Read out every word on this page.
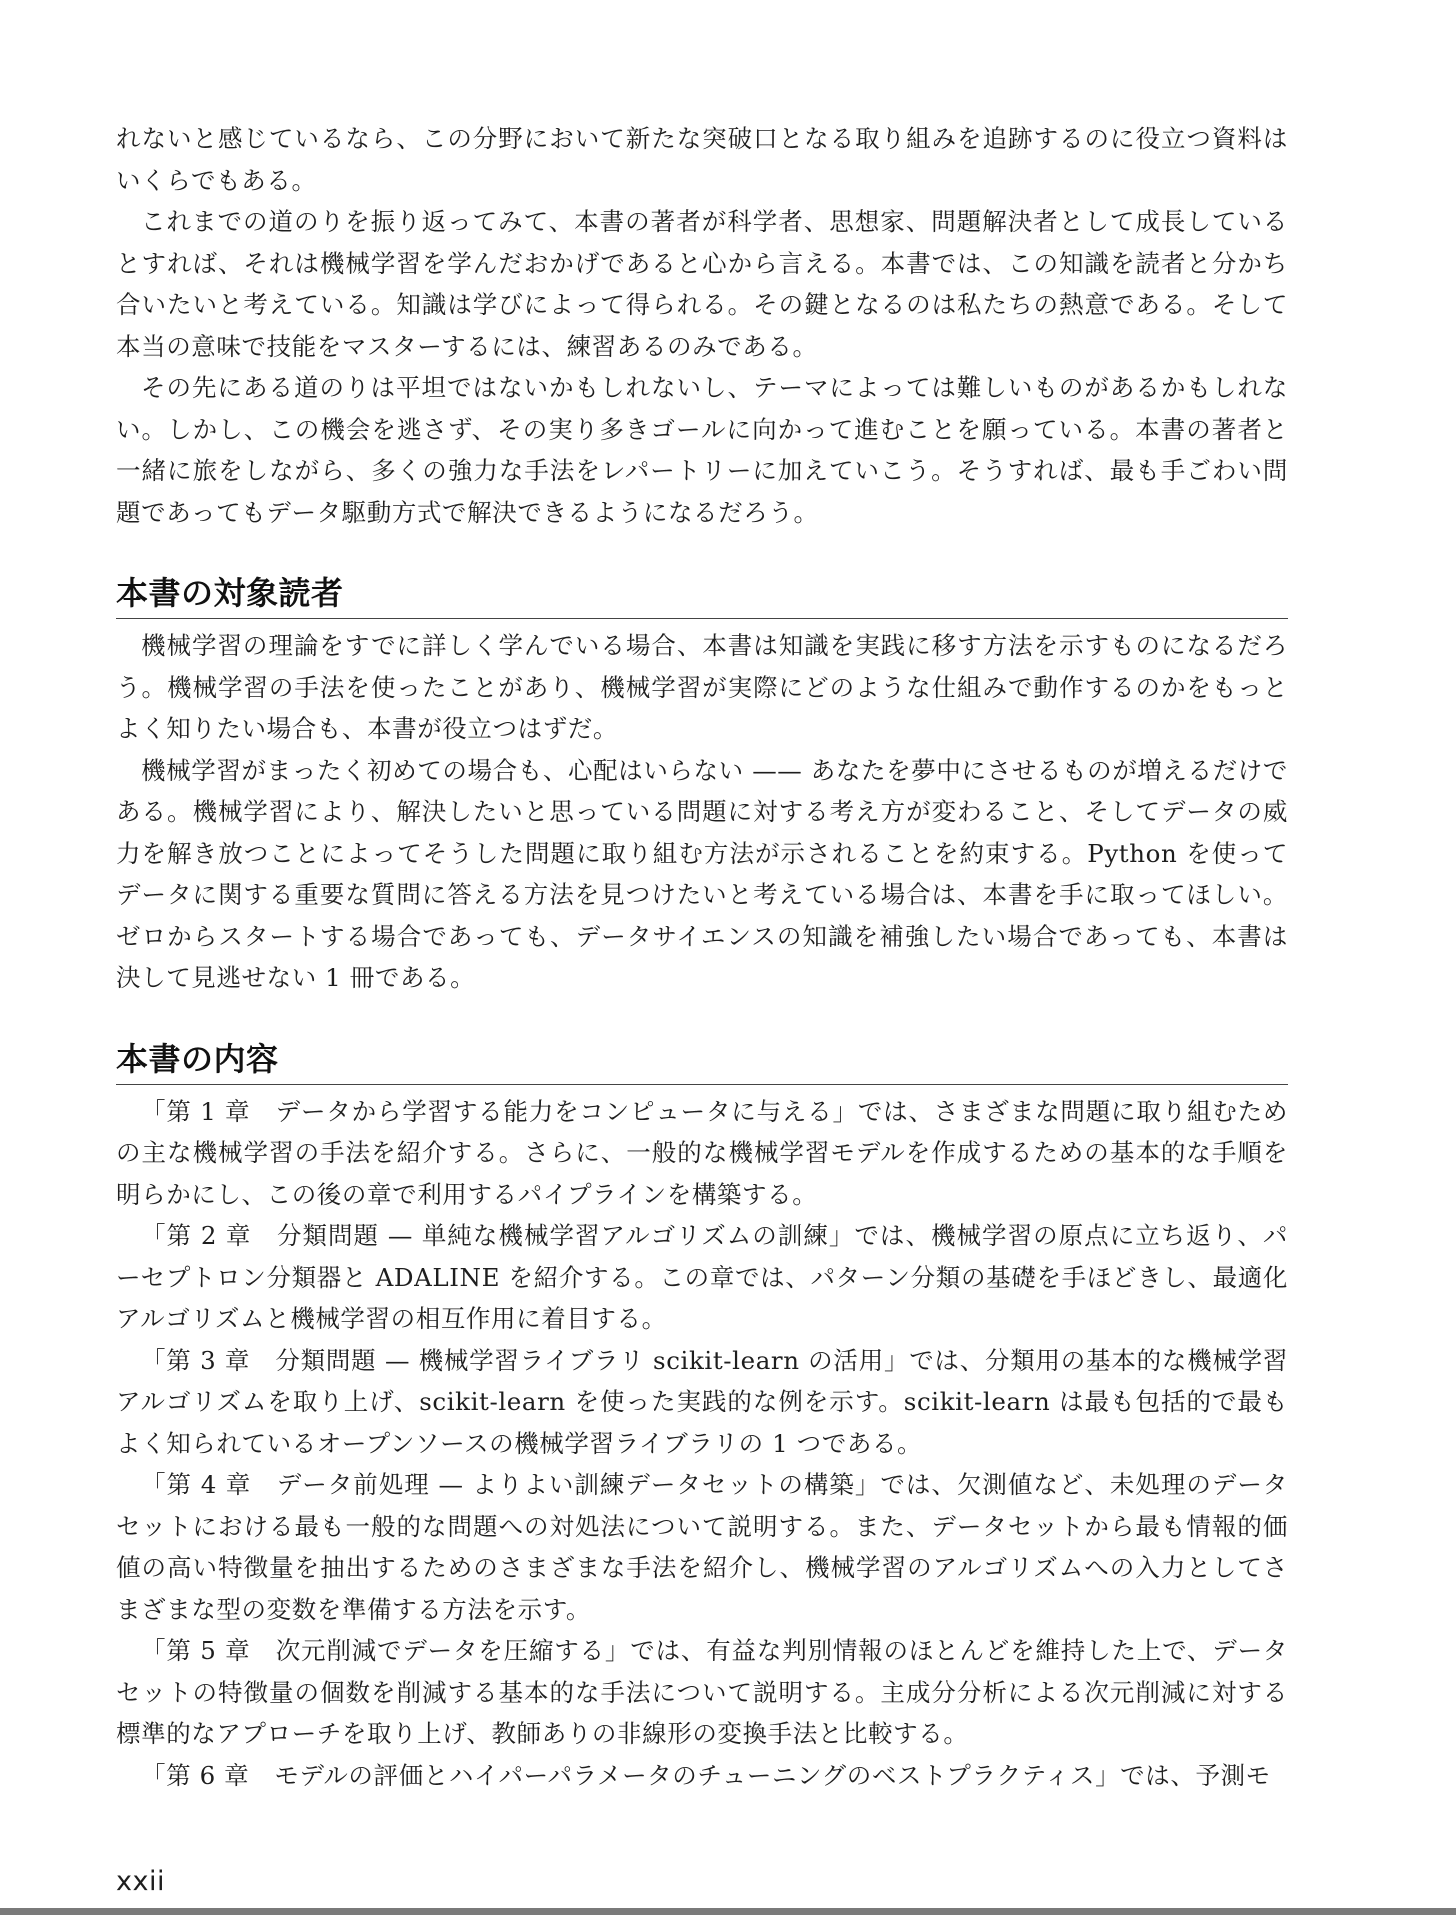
れないと感じているなら、この分野において新たな突破口となる取り組みを追跡するのに役立つ資料はいくらでもある。

これまでの道のりを振り返ってみて、本書の著者が科学者、思想家、問題解決者として成長しているとすれば、それは機械学習を学んだおかげであると心から言える。本書では、この知識を読者と分かち合いたいと考えている。知識は学びによって得られる。その鍵となるのは私たちの熱意である。そして本当の意味で技能をマスターするには、練習あるのみである。

その先にある道のりは平坦ではないかもしれないし、テーマによっては難しいものがあるかもしれない。しかし、この機会を逃さず、その実り多きゴールに向かって進むことを願っている。本書の著者と一緒に旅をしながら、多くの強力な手法をレパートリーに加えていこう。そうすれば、最も手ごわい問題であってもデータ駆動方式で解決できるようになるだろう。

本書の対象読者

機械学習の理論をすでに詳しく学んでいる場合、本書は知識を実践に移す方法を示すものになるだろう。機械学習の手法を使ったことがあり、機械学習が実際にどのような仕組みで動作するのかをもっとよく知りたい場合も、本書が役立つはずだ。

機械学習がまったく初めての場合も、心配はいらない —— あなたを夢中にさせるものが増えるだけである。機械学習により、解決したいと思っている問題に対する考え方が変わること、そしてデータの威力を解き放つことによってそうした問題に取り組む方法が示されることを約束する。Python を使ってデータに関する重要な質問に答える方法を見つけたいと考えている場合は、本書を手に取ってほしい。ゼロからスタートする場合であっても、データサイエンスの知識を補強したい場合であっても、本書は決して見逃せない 1 冊である。

本書の内容

「第 1 章　データから学習する能力をコンピュータに与える」では、さまざまな問題に取り組むための主な機械学習の手法を紹介する。さらに、一般的な機械学習モデルを作成するための基本的な手順を明らかにし、この後の章で利用するパイプラインを構築する。

「第 2 章　分類問題 — 単純な機械学習アルゴリズムの訓練」では、機械学習の原点に立ち返り、パーセプトロン分類器と ADALINE を紹介する。この章では、パターン分類の基礎を手ほどきし、最適化アルゴリズムと機械学習の相互作用に着目する。

「第 3 章　分類問題 — 機械学習ライブラリ scikit-learn の活用」では、分類用の基本的な機械学習アルゴリズムを取り上げ、scikit-learn を使った実践的な例を示す。scikit-learn は最も包括的で最もよく知られているオープンソースの機械学習ライブラリの 1 つである。

「第 4 章　データ前処理 — よりよい訓練データセットの構築」では、欠測値など、未処理のデータセットにおける最も一般的な問題への対処法について説明する。また、データセットから最も情報的価値の高い特徴量を抽出するためのさまざまな手法を紹介し、機械学習のアルゴリズムへの入力としてさまざまな型の変数を準備する方法を示す。

「第 5 章　次元削減でデータを圧縮する」では、有益な判別情報のほとんどを維持した上で、データセットの特徴量の個数を削減する基本的な手法について説明する。主成分分析による次元削減に対する標準的なアプローチを取り上げ、教師ありの非線形の変換手法と比較する。

「第 6 章　モデルの評価とハイパーパラメータのチューニングのベストプラクティス」では、予測モ

xxii
